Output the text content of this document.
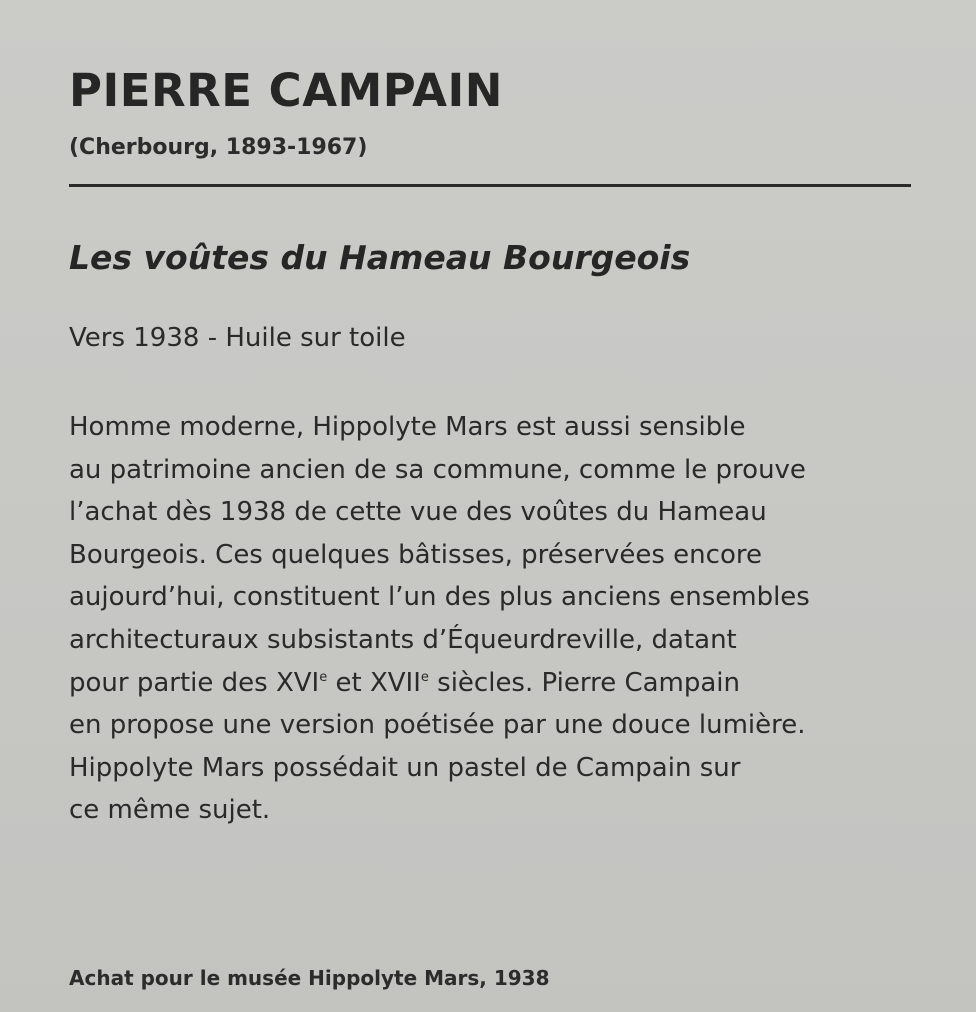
PIERRE CAMPAIN
(Cherbourg, 1893-1967)
Les voûtes du Hameau Bourgeois
Vers 1938 - Huile sur toile
Homme moderne, Hippolyte Mars est aussi sensible
au patrimoine ancien de sa commune, comme le prouve
l’achat dès 1938 de cette vue des voûtes du Hameau
Bourgeois. Ces quelques bâtisses, préservées encore
aujourd’hui, constituent l’un des plus anciens ensembles
architecturaux subsistants d’Équeurdreville, datant
pour partie des XVIe et XVIIe siècles. Pierre Campain
en propose une version poétisée par une douce lumière.
Hippolyte Mars possédait un pastel de Campain sur
ce même sujet.
Achat pour le musée Hippolyte Mars, 1938
